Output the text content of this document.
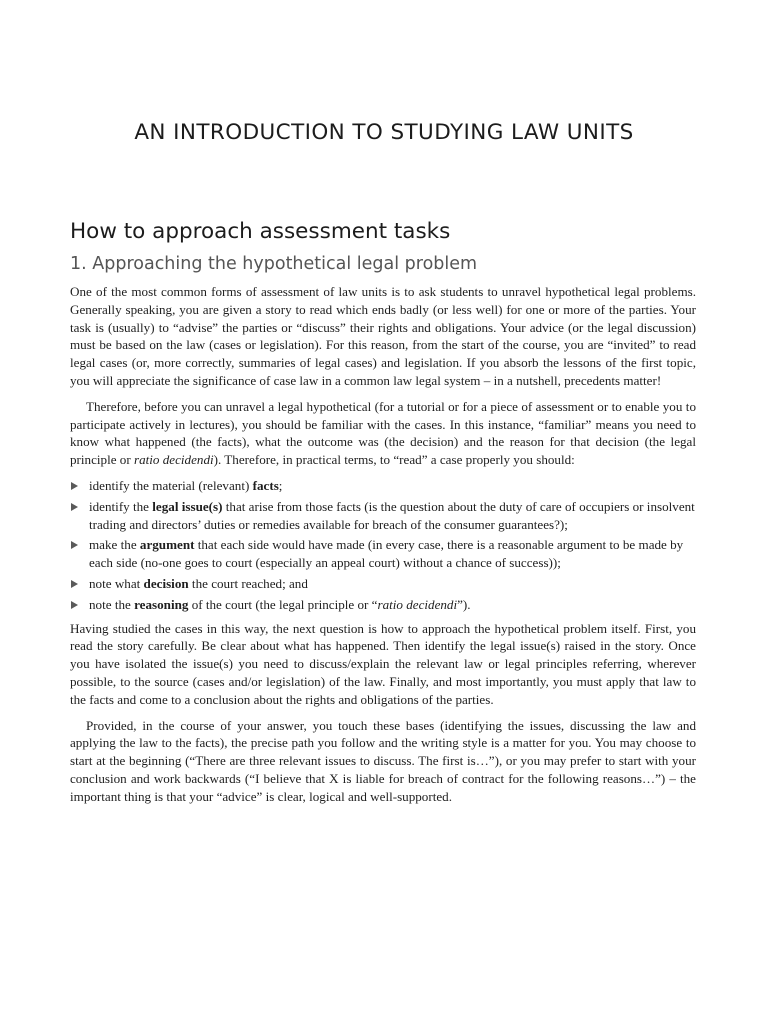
AN INTRODUCTION TO STUDYING LAW UNITS
How to approach assessment tasks
1. Approaching the hypothetical legal problem

One of the most common forms of assessment of law units is to ask students to unravel hypothetical legal problems. Generally speaking, you are given a story to read which ends badly (or less well) for one or more of the parties. Your task is (usually) to “advise” the parties or “discuss” their rights and obligations. Your advice (or the legal discussion) must be based on the law (cases or legislation). For this reason, from the start of the course, you are “invited” to read legal cases (or, more correctly, summaries of legal cases) and legislation. If you absorb the lessons of the first topic, you will appreciate the significance of case law in a common law legal system – in a nutshell, precedents matter!

Therefore, before you can unravel a legal hypothetical (for a tutorial or for a piece of assessment or to enable you to participate actively in lectures), you should be familiar with the cases. In this instance, “familiar” means you need to know what happened (the facts), what the outcome was (the decision) and the reason for that decision (the legal principle or ratio decidendi). Therefore, in practical terms, to “read” a case properly you should:

identify the material (relevant) facts;
identify the legal issue(s) that arise from those facts (is the question about the duty of care of occupiers or insolvent trading and directors’ duties or remedies available for breach of the consumer guarantees?);
make the argument that each side would have made (in every case, there is a reasonable argument to be made by each side (no-one goes to court (especially an appeal court) without a chance of success));
note what decision the court reached; and
note the reasoning of the court (the legal principle or “ratio decidendi”).

Having studied the cases in this way, the next question is how to approach the hypothetical problem itself. First, you read the story carefully. Be clear about what has happened. Then identify the legal issue(s) raised in the story. Once you have isolated the issue(s) you need to discuss/explain the relevant law or legal principles referring, wherever possible, to the source (cases and/or legislation) of the law. Finally, and most importantly, you must apply that law to the facts and come to a conclusion about the rights and obligations of the parties.

Provided, in the course of your answer, you touch these bases (identifying the issues, discussing the law and applying the law to the facts), the precise path you follow and the writing style is a matter for you. You may choose to start at the beginning (“There are three relevant issues to discuss. The first is…”), or you may prefer to start with your conclusion and work backwards (“I believe that X is liable for breach of contract for the following reasons…”) – the important thing is that your “advice” is clear, logical and well-supported.
